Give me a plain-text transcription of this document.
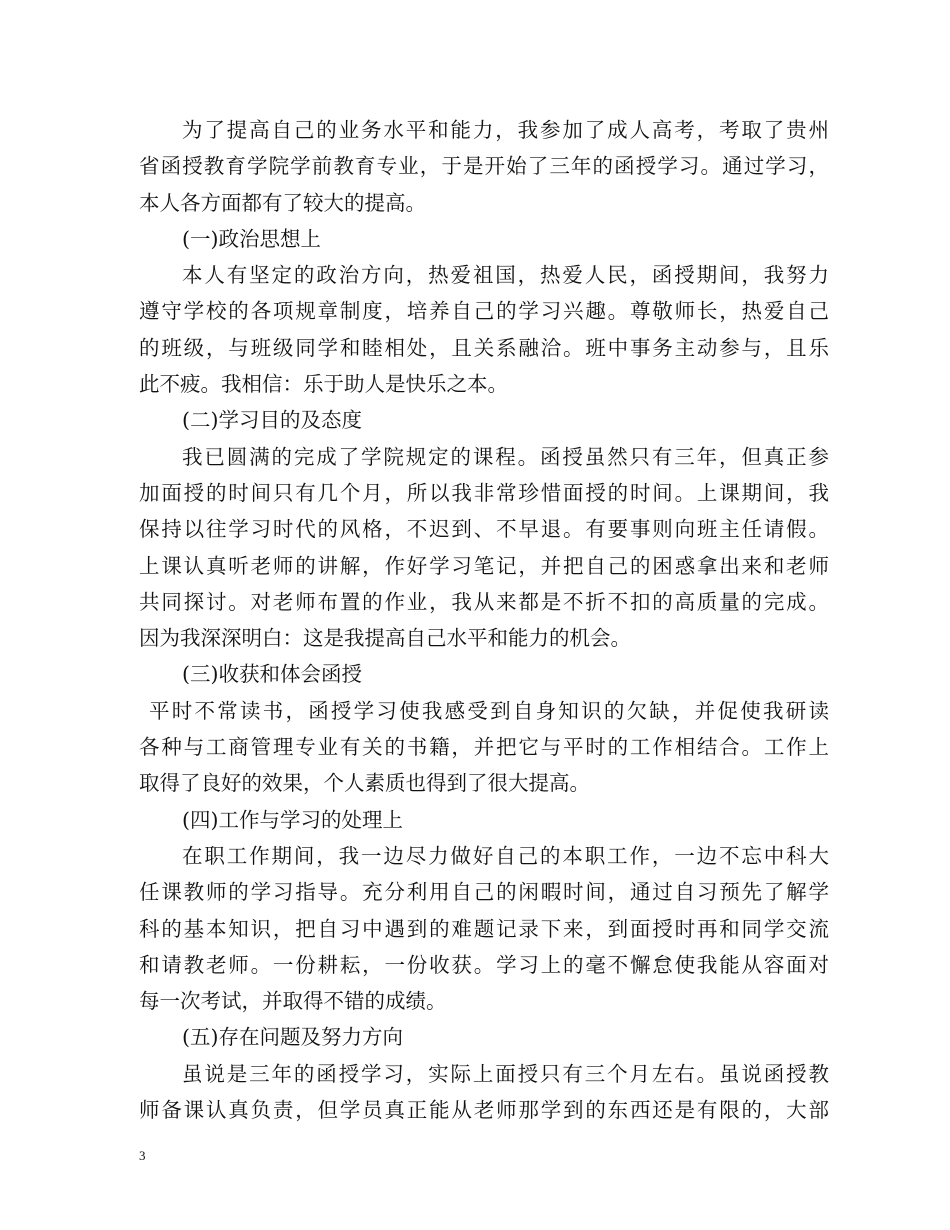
为了提高自己的业务水平和能力，我参加了成人高考，考取了贵州
省函授教育学院学前教育专业，于是开始了三年的函授学习。通过学习，
本人各方面都有了较大的提高。
(一)政治思想上
本人有坚定的政治方向，热爱祖国，热爱人民，函授期间，我努力
遵守学校的各项规章制度，培养自己的学习兴趣。尊敬师长，热爱自己
的班级，与班级同学和睦相处，且关系融洽。班中事务主动参与，且乐
此不疲。我相信：乐于助人是快乐之本。
(二)学习目的及态度
我已圆满的完成了学院规定的课程。函授虽然只有三年，但真正参
加面授的时间只有几个月，所以我非常珍惜面授的时间。上课期间，我
保持以往学习时代的风格，不迟到、不早退。有要事则向班主任请假。
上课认真听老师的讲解，作好学习笔记，并把自己的困惑拿出来和老师
共同探讨。对老师布置的作业，我从来都是不折不扣的高质量的完成。
因为我深深明白：这是我提高自己水平和能力的机会。
(三)收获和体会函授
平时不常读书，函授学习使我感受到自身知识的欠缺，并促使我研读
各种与工商管理专业有关的书籍，并把它与平时的工作相结合。工作上
取得了良好的效果，个人素质也得到了很大提高。
(四)工作与学习的处理上
在职工作期间，我一边尽力做好自己的本职工作，一边不忘中科大
任课教师的学习指导。充分利用自己的闲暇时间，通过自习预先了解学
科的基本知识，把自习中遇到的难题记录下来，到面授时再和同学交流
和请教老师。一份耕耘，一份收获。学习上的毫不懈怠使我能从容面对
每一次考试，并取得不错的成绩。
(五)存在问题及努力方向
虽说是三年的函授学习，实际上面授只有三个月左右。虽说函授教
师备课认真负责，但学员真正能从老师那学到的东西还是有限的，大部
3
